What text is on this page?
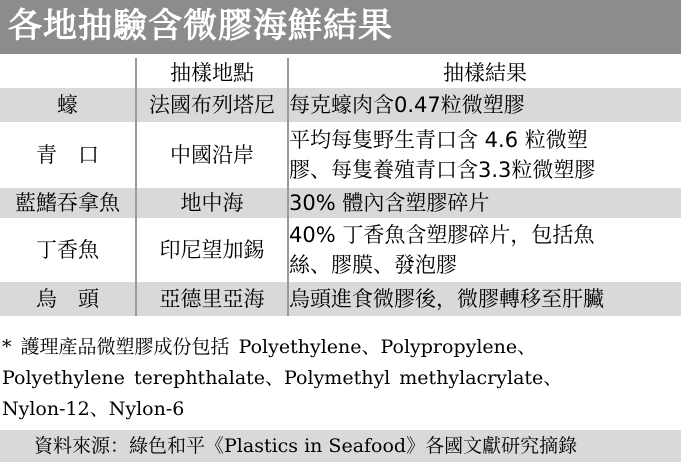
各地抽驗含微膠海鮮結果
	抽樣地點	抽樣結果
蠔	法國布列塔尼	每克蠔肉含0.47粒微塑膠

青　口	中國沿岸	平均每隻野生青口含 4.6 粒微塑
膠、每隻養殖青口含3.3粒微塑膠

藍鰭吞拿魚	地中海	30% 體內含塑膠碎片

丁香魚	印尼望加錫	40% 丁香魚含塑膠碎片，包括魚
絲、膠膜、發泡膠

烏　頭	亞德里亞海	烏頭進食微膠後，微膠轉移至肝臟
* 護理產品微塑膠成份包括 Polyethylene、Polypropylene、
Polyethylene terephthalate、Polymethyl methylacrylate、
Nylon-12、Nylon-6
資料來源：綠色和平《Plastics in Seafood》各國文獻研究摘錄
